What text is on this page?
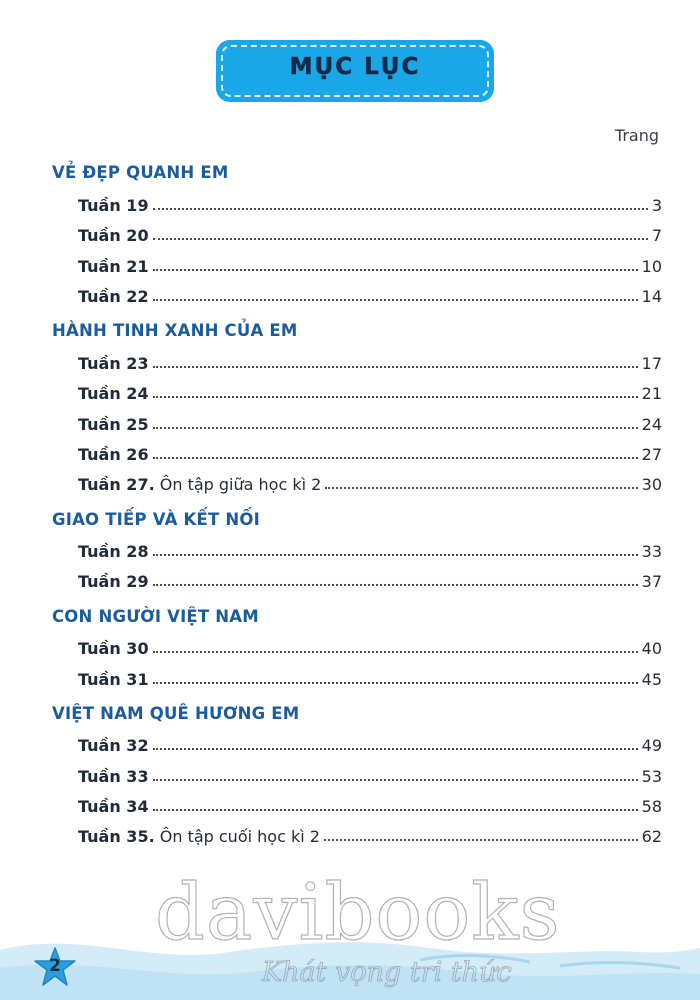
MỤC LỤC
Trang
VẺ ĐẸP QUANH EM
Tuần 19	3
Tuần 20	7
Tuần 21	10
Tuần 22	14
HÀNH TINH XANH CỦA EM
Tuần 23	17
Tuần 24	21
Tuần 25	24
Tuần 26	27
Tuần 27. Ôn tập giữa học kì 2	30
GIAO TIẾP VÀ KẾT NỐI
Tuần 28	33
Tuần 29	37
CON NGƯỜI VIỆT NAM
Tuần 30	40
Tuần 31	45
VIỆT NAM QUÊ HƯƠNG EM
Tuần 32	49
Tuần 33	53
Tuần 34	58
Tuần 35. Ôn tập cuối học kì 2	62
2
davibooks
Khát vọng tri thức
